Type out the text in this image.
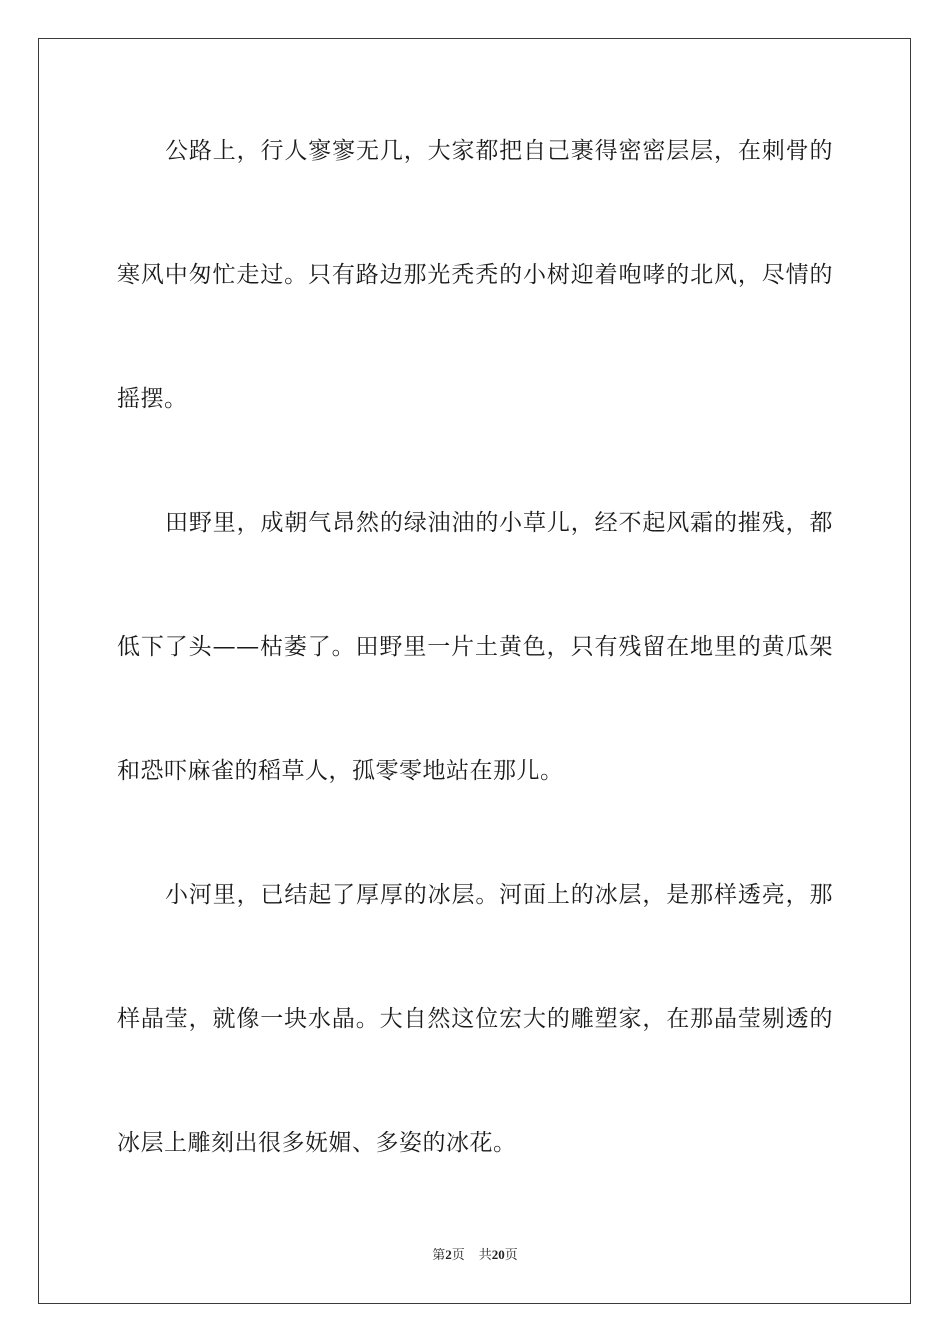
公路上，行人寥寥无几，大家都把自己裹得密密层层，在刺骨的
寒风中匆忙走过。只有路边那光秃秃的小树迎着咆哮的北风，尽情的
摇摆。
田野里，成朝气昂然的绿油油的小草儿，经不起风霜的摧残，都
低下了头——枯萎了。田野里一片土黄色，只有残留在地里的黄瓜架
和恐吓麻雀的稻草人，孤零零地站在那儿。
小河里，已结起了厚厚的冰层。河面上的冰层，是那样透亮，那
样晶莹，就像一块水晶。大自然这位宏大的雕塑家，在那晶莹剔透的
冰层上雕刻出很多妩媚、多姿的冰花。
第2页 共20页
